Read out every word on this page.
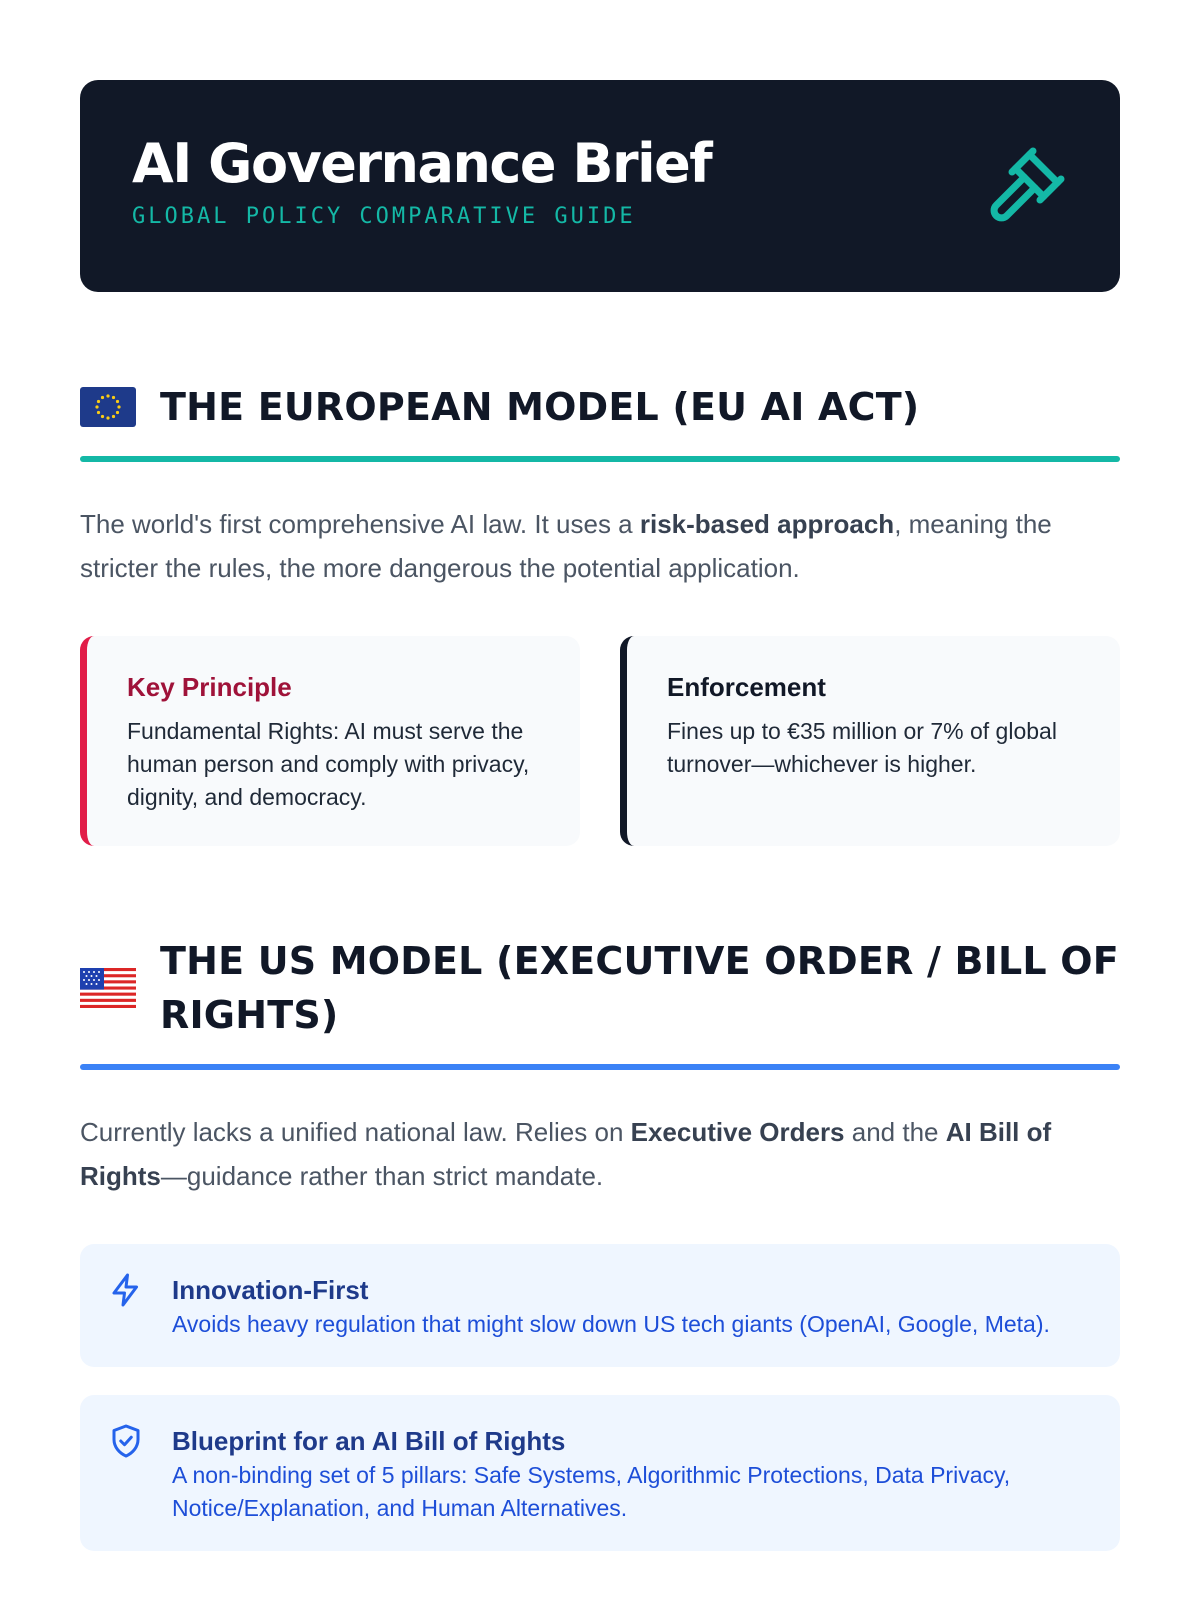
AI Governance Brief
GLOBAL POLICY COMPARATIVE GUIDE
THE EUROPEAN MODEL (EU AI ACT)

The world's first comprehensive AI law. It uses a risk-based approach, meaning the stricter the rules, the more dangerous the potential application.

Key Principle

Fundamental Rights: AI must serve the human person and comply with privacy, dignity, and democracy.

Enforcement

Fines up to €35 million or 7% of global turnover—whichever is higher.

THE US MODEL (EXECUTIVE ORDER / BILL OF RIGHTS)

Currently lacks a unified national law. Relies on Executive Orders and the AI Bill of Rights—guidance rather than strict mandate.

Innovation-First

Avoids heavy regulation that might slow down US tech giants (OpenAI, Google, Meta).

Blueprint for an AI Bill of Rights

A non-binding set of 5 pillars: Safe Systems, Algorithmic Protections, Data Privacy, Notice/Explanation, and Human Alternatives.
